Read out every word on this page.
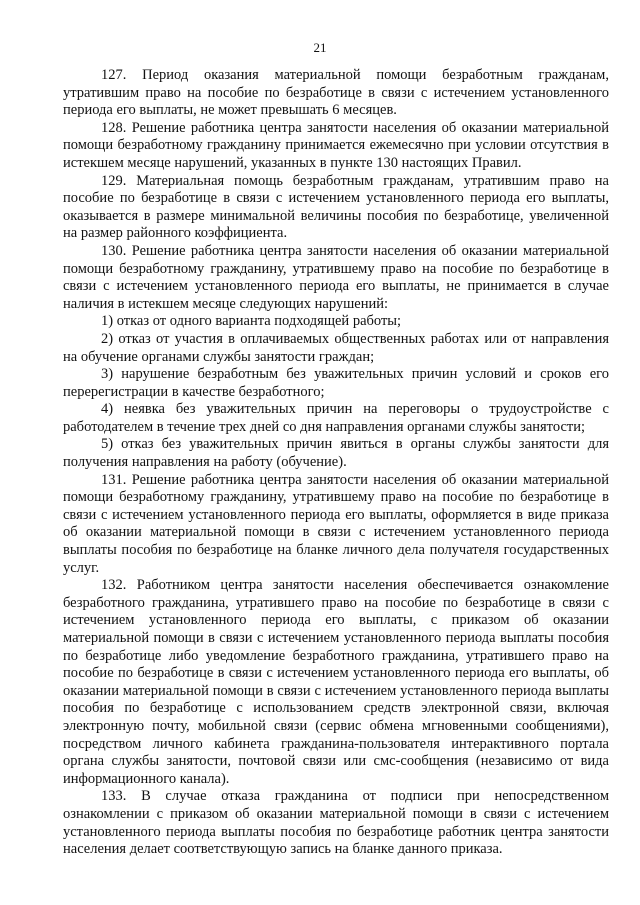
21

127. Период оказания материальной помощи безработным гражданам, утратившим право на пособие по безработице в связи с истечением установленного периода его выплаты, не может превышать 6 месяцев.

128. Решение работника центра занятости населения об оказании материальной помощи безработному гражданину принимается ежемесячно при условии отсутствия в истекшем месяце нарушений, указанных в пункте 130 настоящих Правил.

129. Материальная помощь безработным гражданам, утратившим право на пособие по безработице в связи с истечением установленного периода его выплаты, оказывается в размере минимальной величины пособия по безработице, увеличенной на размер районного коэффициента.

130. Решение работника центра занятости населения об оказании материальной помощи безработному гражданину, утратившему право на пособие по безработице в связи с истечением установленного периода его выплаты, не принимается в случае наличия в истекшем месяце следующих нарушений:

1) отказ от одного варианта подходящей работы;

2) отказ от участия в оплачиваемых общественных работах или от направления на обучение органами службы занятости граждан;

3) нарушение безработным без уважительных причин условий и сроков его перерегистрации в качестве безработного;

4) неявка без уважительных причин на переговоры о трудоустройстве с работодателем в течение трех дней со дня направления органами службы занятости;

5) отказ без уважительных причин явиться в органы службы занятости для получения направления на работу (обучение).

131. Решение работника центра занятости населения об оказании материальной помощи безработному гражданину, утратившему право на пособие по безработице в связи с истечением установленного периода его выплаты, оформляется в виде приказа об оказании материальной помощи в связи с истечением установленного периода выплаты пособия по безработице на бланке личного дела получателя государственных услуг.

132. Работником центра занятости населения обеспечивается ознакомление безработного гражданина, утратившего право на пособие по безработице в связи с истечением установленного периода его выплаты, с приказом об оказании материальной помощи в связи с истечением установленного периода выплаты пособия по безработице либо уведомление безработного гражданина, утратившего право на пособие по безработице в связи с истечением установленного периода его выплаты, об оказании материальной помощи в связи с истечением установленного периода выплаты пособия по безработице с использованием средств электронной связи, включая электронную почту, мобильной связи (сервис обмена мгновенными сообщениями), посредством личного кабинета гражданина-пользователя интерактивного портала органа службы занятости, почтовой связи или смс-сообщения (независимо от вида информационного канала).

133. В случае отказа гражданина от подписи при непосредственном ознакомлении с приказом об оказании материальной помощи в связи с истечением установленного периода выплаты пособия по безработице работник центра занятости населения делает соответствующую запись на бланке данного приказа.
